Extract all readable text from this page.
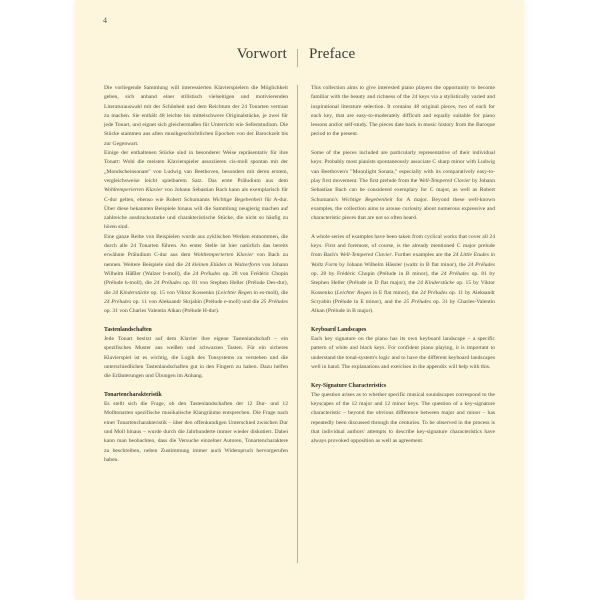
4
Vorwort Preface

Die vorliegende Sammlung will interessierten Klavierspielern die Möglichkeit geben, sich anhand einer stilistisch vielseitigen und motivierenden Literaturauswahl mit der Schönheit und dem Reichtum der 24 Tonarten vertraut zu machen. Sie enthält 48 leichte bis mittelschwere Originalstücke, je zwei für jede Tonart, und eignet sich gleichermaßen für Unterricht wie Selbststudium. Die Stücke stammen aus allen musikgeschichtlichen Epochen von der Barockzeit bis zur Gegenwart.

Einige der enthaltenen Stücke sind in besonderer Weise repräsentativ für ihre Tonart: Wohl die meisten Klavierspieler assoziieren cis-moll spontan mit der „Mondscheinsonate" von Ludwig van Beethoven, besonders mit deren erstem, vergleichsweise leicht spielbarem Satz. Das erste Präludium aus dem Wohltemperierten Klavier von Johann Sebastian Bach kann als exemplarisch für C-dur gelten, ebenso wie Robert Schumanns Wichtige Begebenheit für A-dur. Über diese bekannten Beispiele hinaus will die Sammlung neugierig machen auf zahlreiche ausdrucksstarke und charakteristische Stücke, die nicht so häufig zu hören sind.

Eine ganze Reihe von Beispielen wurde aus zyklischen Werken entnommen, die durch alle 24 Tonarten führen. An erster Stelle ist hier natürlich das bereits erwähnte Präludium C-dur aus dem Wohltemperierten Klavier von Bach zu nennen. Weitere Beispiele sind die 24 kleinen Etüden in Walzerform von Johann Wilhelm Häßler (Walzer b-moll), die 24 Préludes op. 28 von Frédéric Chopin (Prélude h-moll), die 24 Préludes op. 81 von Stephen Heller (Prélude Des-dur), die 24 Kinderstücke op. 15 von Viktor Kossenko (Leichter Regen in es-moll), die 24 Préludes op. 11 von Aleksandr Skrjabin (Prélude e-moll) und die 25 Préludes op. 31 von Charles Valentin Alkan (Prélude H-dur).

Tastenlandschaften

Jede Tonart besitzt auf dem Klavier ihre eigene Tastenlandschaft – ein spezifisches Muster aus weißen und schwarzen Tasten. Für ein sicheres Klavierspiel ist es wichtig, die Logik des Tonsystems zu verstehen und die unterschiedlichen Tastenlandschaften gut in den Fingern zu haben. Dazu helfen die Erläuterungen und Übungen im Anhang.

Tonartencharakteristik

Es stellt sich die Frage, ob den Tastenlandschaften der 12 Dur- und 12 Molltonarten spezifische musikalische Klangräume entsprechen. Die Frage nach einer Tonartencharakteristik – über den offenkundigen Unterschied zwischen Dur und Moll hinaus – wurde durch die Jahrhunderte immer wieder diskutiert. Dabei kann man beobachten, dass die Versuche einzelner Autoren, Tonartencharaktere zu beschreiben, neben Zustimmung immer auch Widerspruch hervorgerufen haben.

This collection aims to give interested piano players the opportunity to become familiar with the beauty and richness of the 24 keys via a stylistically varied and inspirational literature selection. It contains 48 original pieces, two of each for each key, that are easy-to-moderately difficult and equally suitable for piano lessons and/or self-study. The pieces date back in music history from the Baroque period to the present.

Some of the pieces included are particularly representative of their individual keys: Probably most pianists spontaneously associate C sharp minor with Ludwig van Beethoven's "Moonlight Sonata," especially with its comparatively easy-to-play first movement. The first prelude from the Well-Tempered Clavier by Johann Sebastian Bach can be considered exemplary for C major, as well as Robert Schumann's Wichtige Begebenheit for A major. Beyond these well-known examples, the collection aims to arouse curiosity about numerous expressive and characteristic pieces that are not so often heard.

A whole series of examples have been taken from cyclical works that cover all 24 keys. First and foremost, of course, is the already mentioned C major prelude from Bach's Well-Tempered Clavier. Further examples are the 24 Little Etudes in Waltz Form by Johann Wilhelm Hässler (waltz in B flat minor), the 24 Préludes op. 28 by Frédéric Chopin (Prélude in B minor), the 24 Préludes op. 81 by Stephen Heller (Prélude in D flat major), the 24 Kinderstücke op. 15 by Viktor Kossenko (Leichter Regen in E flat minor), the 24 Préludes op. 11 by Aleksandr Scryabin (Prélude in E minor), and the 25 Préludes op. 31 by Charles-Valentin Alkan (Prélude in B major).

Keyboard Landscapes

Each key signature on the piano has its own keyboard landscape – a specific pattern of white and black keys. For confident piano playing, it is important to understand the tonal-system's logic and to have the different keyboard landscapes well in hand. The explanations and exercises in the appendix will help with this.

Key-Signature Characteristics

The question arises as to whether specific musical soundscapes correspond to the keyscapes of the 12 major and 12 minor keys. The question of a key-signature characteristic – beyond the obvious difference between major and minor – has repeatedly been discussed through the centuries. To be observed in the process is that individual authors' attempts to describe key-signature characteristics have always provoked opposition as well as agreement.
